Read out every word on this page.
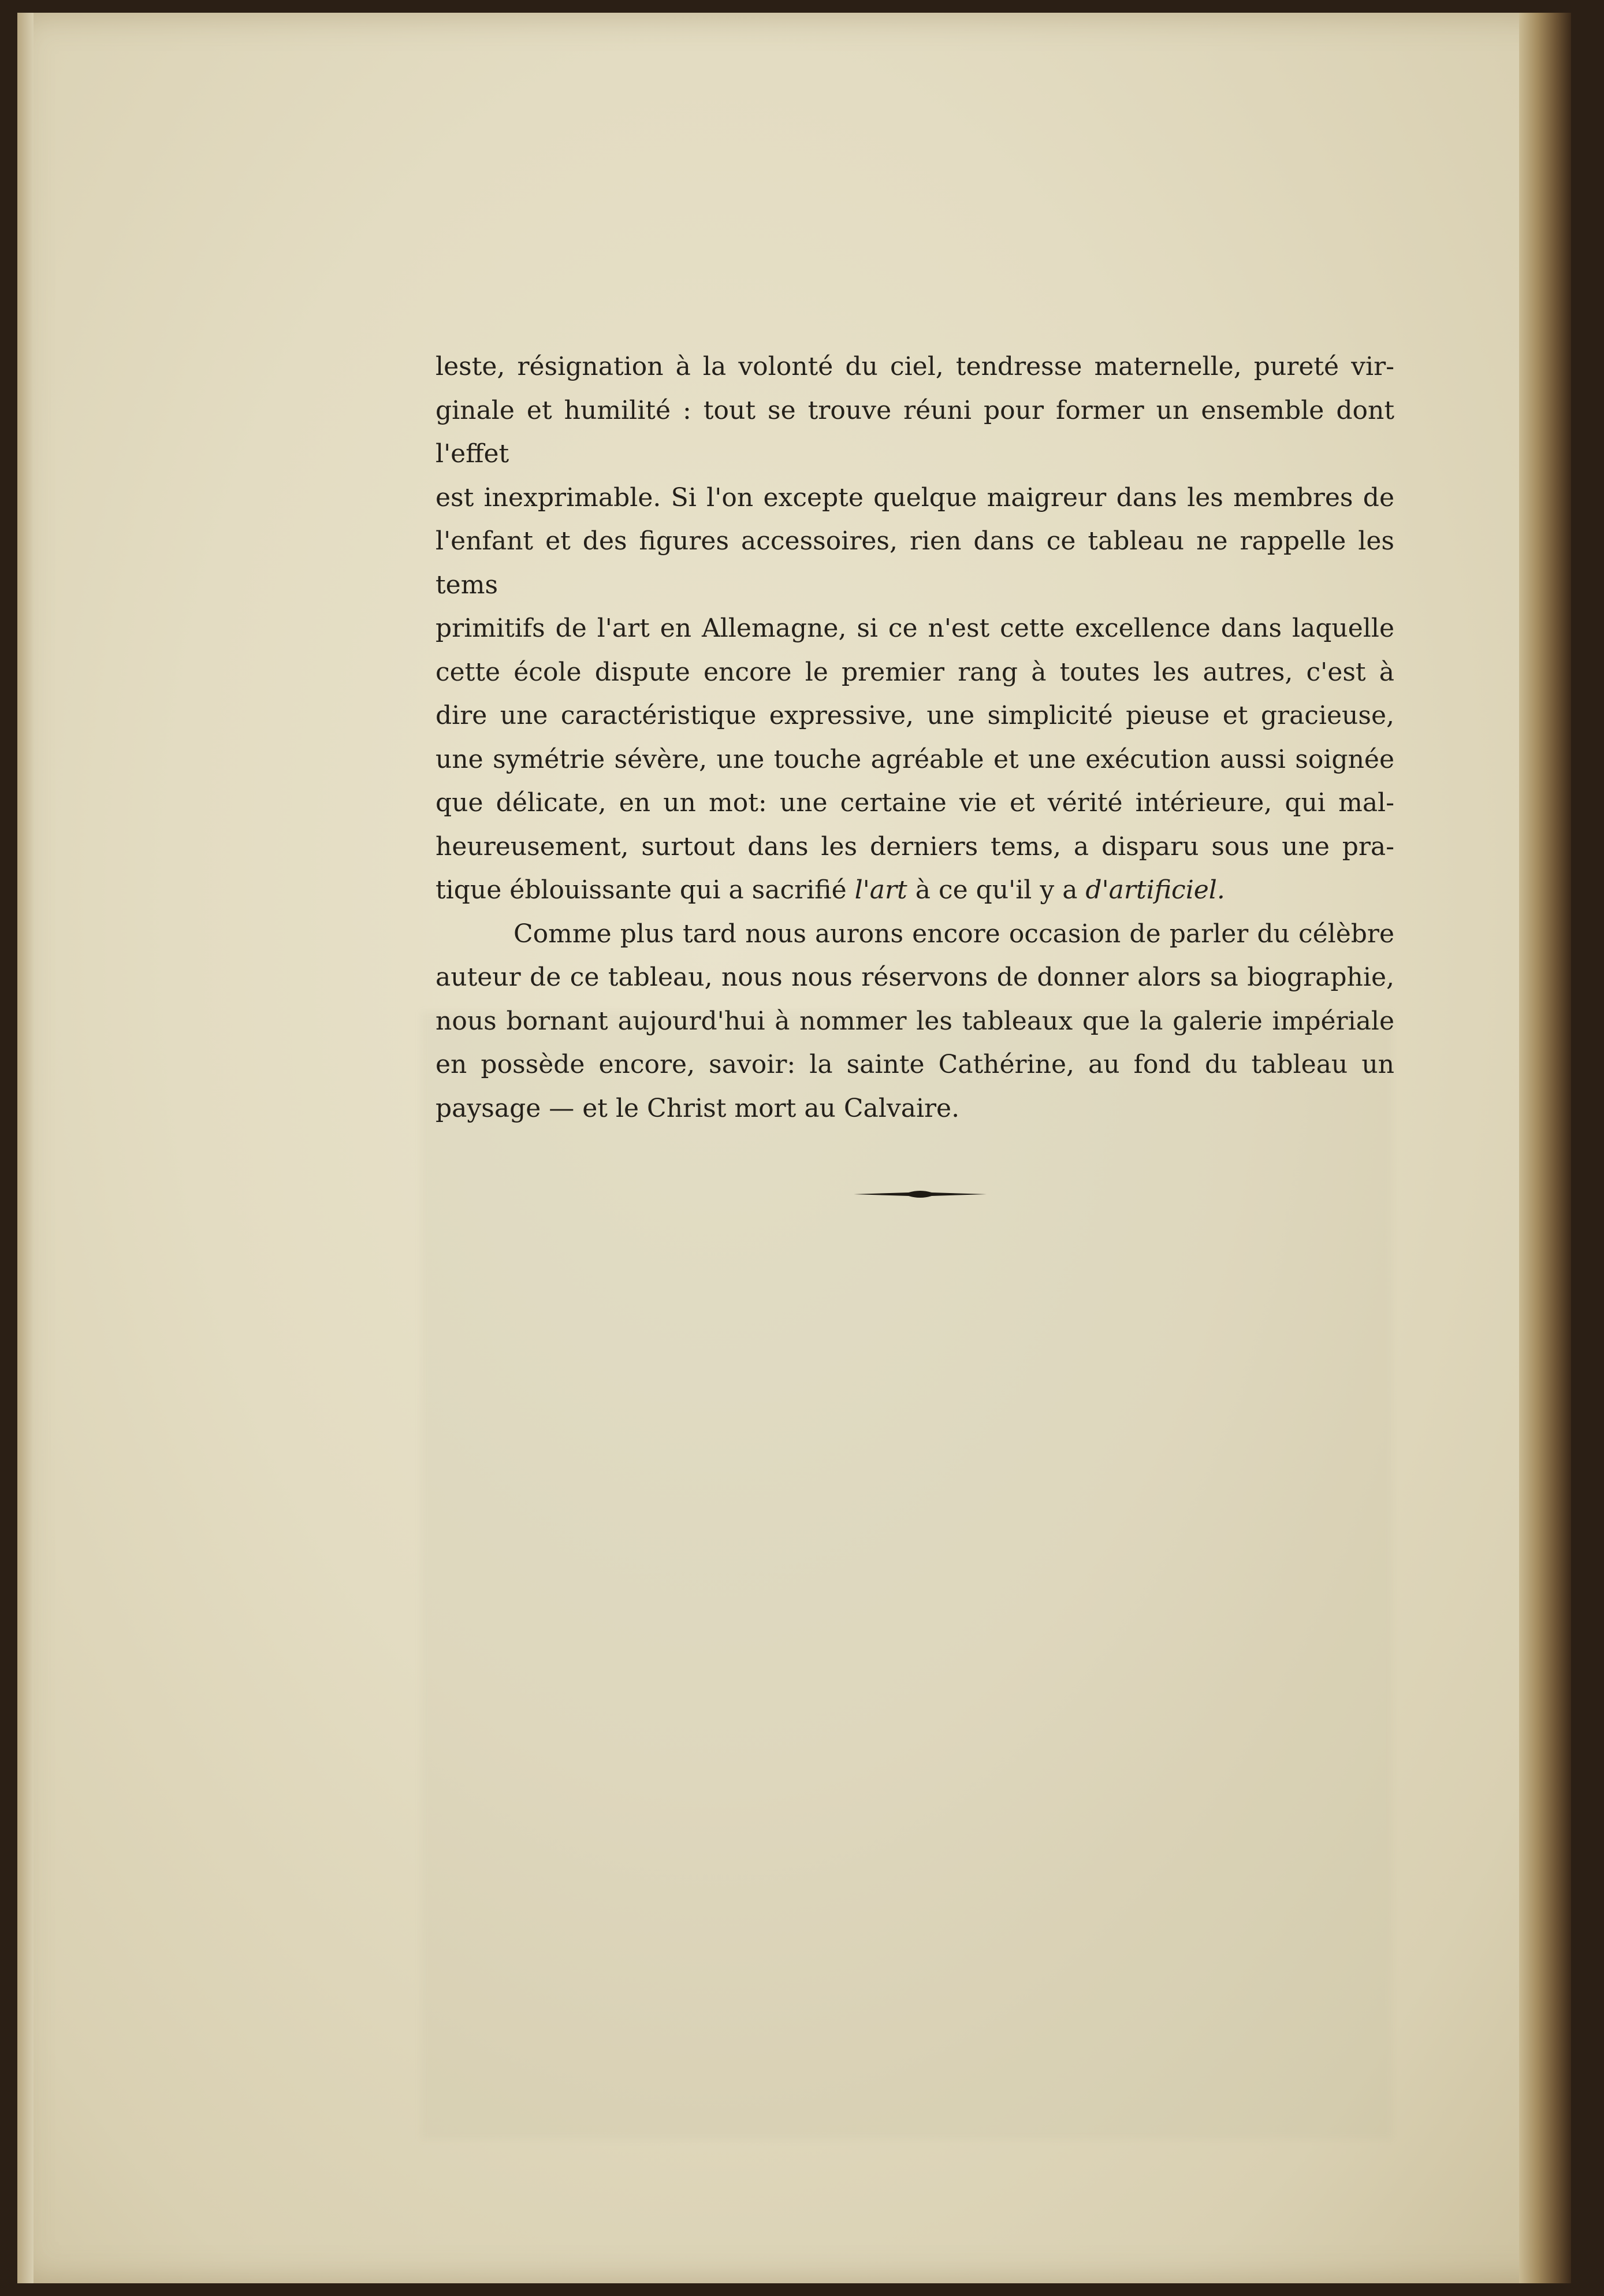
leste, résignation à la volonté du ciel, tendresse maternelle, pureté vir-

ginale et humilité : tout se trouve réuni pour former un ensemble dont l'effet

est inexprimable. Si l'on excepte quelque maigreur dans les membres de

l'enfant et des figures accessoires, rien dans ce tableau ne rappelle les tems

primitifs de l'art en Allemagne, si ce n'est cette excellence dans laquelle

cette école dispute encore le premier rang à toutes les autres, c'est à

dire une caractéristique expressive, une simplicité pieuse et gracieuse,

une symétrie sévère, une touche agréable et une exécution aussi soignée

que délicate, en un mot: une certaine vie et vérité intérieure, qui mal-

heureusement, surtout dans les derniers tems, a disparu sous une pra-

tique éblouissante qui a sacrifié l'art à ce qu'il y a d'artificiel.

Comme plus tard nous aurons encore occasion de parler du célèbre

auteur de ce tableau, nous nous réservons de donner alors sa biographie,

nous bornant aujourd'hui à nommer les tableaux que la galerie impériale

en possède encore, savoir: la sainte Cathérine, au fond du tableau un

paysage — et le Christ mort au Calvaire.
